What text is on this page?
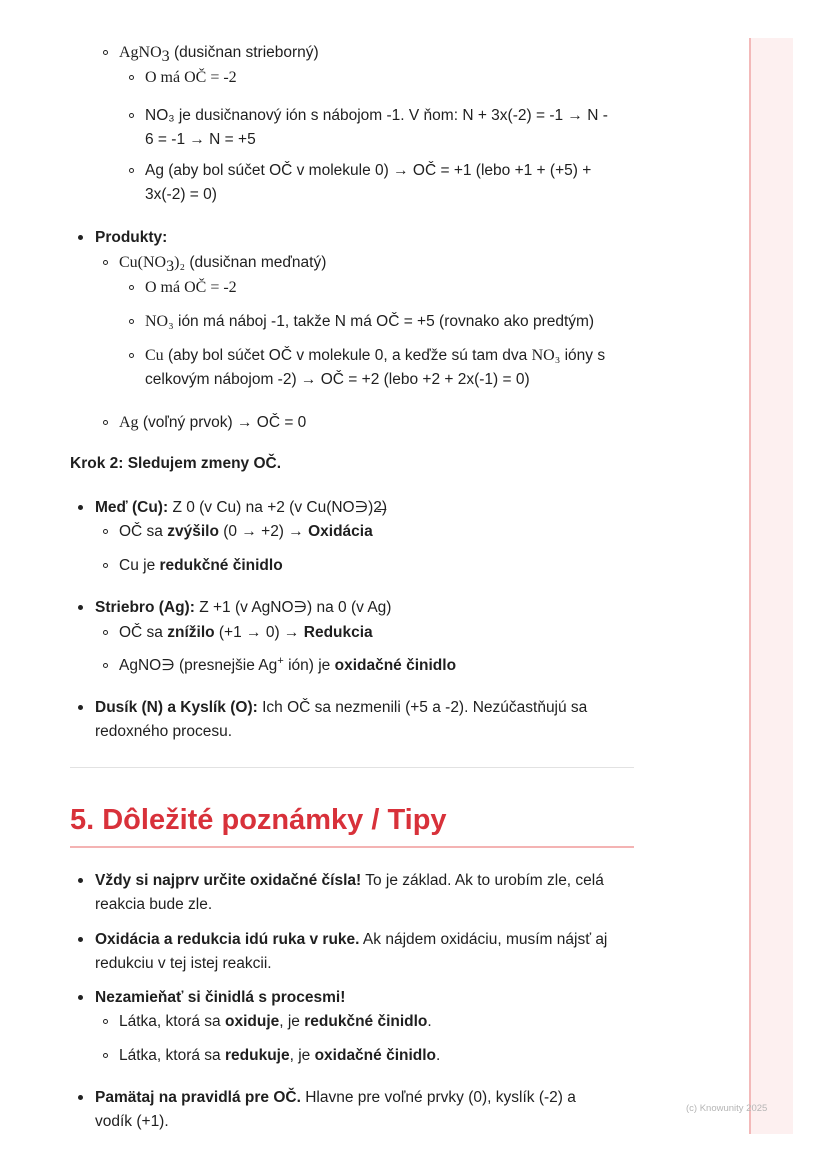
(c) Knowunity 2025
AgNO$_3$ (dusičnan strieborný)
O má OČ = -2
NO₃ je dusičnanový ión s nábojom -1. V ňom: N + 3x(-2) = -1 → N -
6 = -1 → N = +5
Ag (aby bol súčet OČ v molekule 0) → OČ = +1 (lebo +1 + (+5) +
3x(-2) = 0)
Produkty:
$Cu(NO_3)_2$ (dusičnan meďnatý)
O má OČ = -2
NO₃ ión má náboj -1, takže N má OČ = +5 (rovnako ako predtým)
Cu (aby bol súčet OČ v molekule 0, a keďže sú tam dva NO₃ ióny s
celkovým nábojom -2) → OČ = +2 (lebo +2 + 2x(-1) = 0)
Ag (voľný prvok) → OČ = 0
Krok 2: Sledujem zmeny OČ.
Meď (Cu): Z 0 (v Cu) na +2 (v Cu(NO∋)2̶)
OČ sa zvýšilo (0 → +2) → Oxidácia
Cu je redukčné činidlo
Striebro (Ag): Z +1 (v AgNO∋) na 0 (v Ag)
OČ sa znížilo (+1 → 0) → Redukcia
AgNO∋ (presnejšie Ag+ ión) je oxidačné činidlo
Dusík (N) a Kyslík (O): Ich OČ sa nezmenili (+5 a -2). Nezúčastňujú sa
redoxného procesu.
5. Dôležité poznámky / Tipy
Vždy si najprv určite oxidačné čísla! To je základ. Ak to urobím zle, celá
reakcia bude zle.
Oxidácia a redukcia idú ruka v ruke. Ak nájdem oxidáciu, musím nájsť aj
redukciu v tej istej reakcii.
Nezamieňať si činidlá s procesmi!
Látka, ktorá sa oxiduje, je redukčné činidlo.
Látka, ktorá sa redukuje, je oxidačné činidlo.
Pamätaj na pravidlá pre OČ. Hlavne pre voľné prvky (0), kyslík (-2) a
vodík (+1).
